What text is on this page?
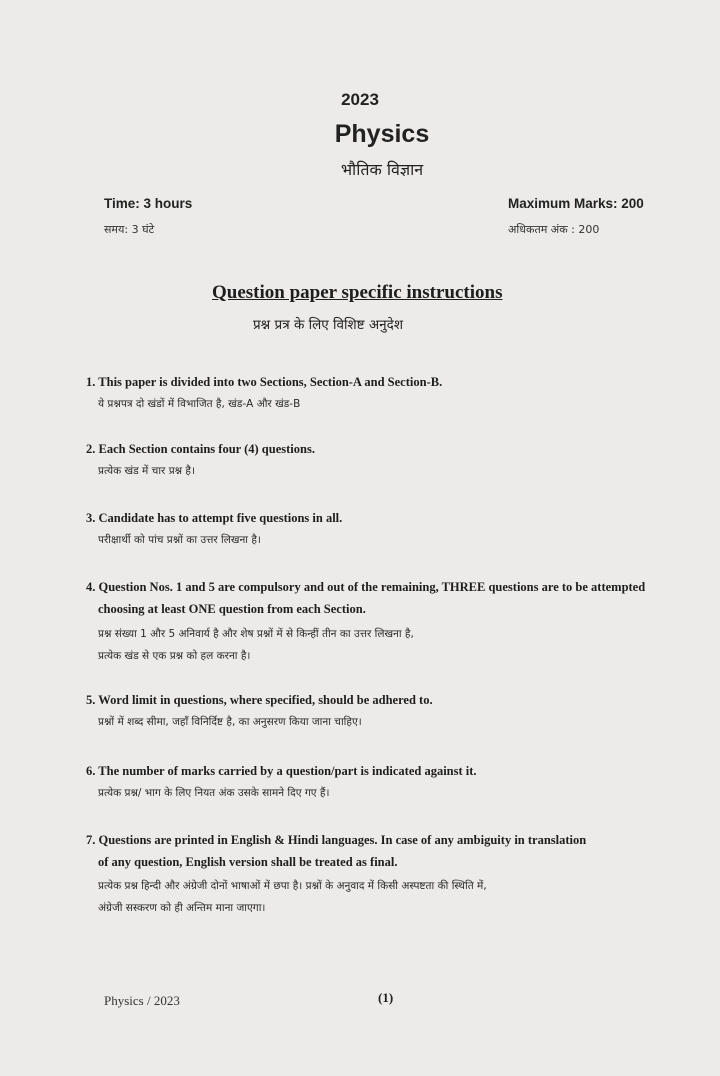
2023
Physics
भौतिक विज्ञान
Time: 3 hours
समय: 3 घंटे
Maximum Marks: 200
अधिकतम अंक : 200
Question paper specific instructions
प्रश्न प्रत्र के लिए विशिष्ट अनुदेश
1. This paper is divided into two Sections, Section-A and Section-B.
ये प्रश्नपत्र दो खंडों में विभाजित है, खंड-A और खंड-B
2. Each Section contains four (4) questions.
प्रत्येक खंड में चार प्रश्न है।
3. Candidate has to attempt five questions in all.
परीक्षार्थी को पांच प्रश्नों का उत्तर लिखना है।
4. Question Nos. 1 and 5 are compulsory and out of the remaining, THREE questions are to be attempted
choosing at least ONE question from each Section.
प्रश्न संख्या 1 और 5 अनिवार्य है और शेष प्रश्नों में से किन्हीं तीन का उत्तर लिखना है,
प्रत्येक खंड से एक प्रश्न को हल करना है।
5. Word limit in questions, where specified, should be adhered to.
प्रश्नों में शब्द सीमा, जहाँ विनिर्दिष्ट है, का अनुसरण किया जाना चाहिए।
6. The number of marks carried by a question/part is indicated against it.
प्रत्येक प्रश्न/ भाग के लिए नियत अंक उसके सामने दिए गए हैं।
7. Questions are printed in English & Hindi languages. In case of any ambiguity in translation
of any question, English version shall be treated as final.
प्रत्येक प्रश्न हिन्दी और अंग्रेजी दोनों भाषाओं में छपा है। प्रश्नों के अनुवाद में किसी अस्पष्टता की स्थिति में,
अंग्रेजी सस्करण को ही अन्तिम माना जाएगा।
Physics / 2023	(1)
